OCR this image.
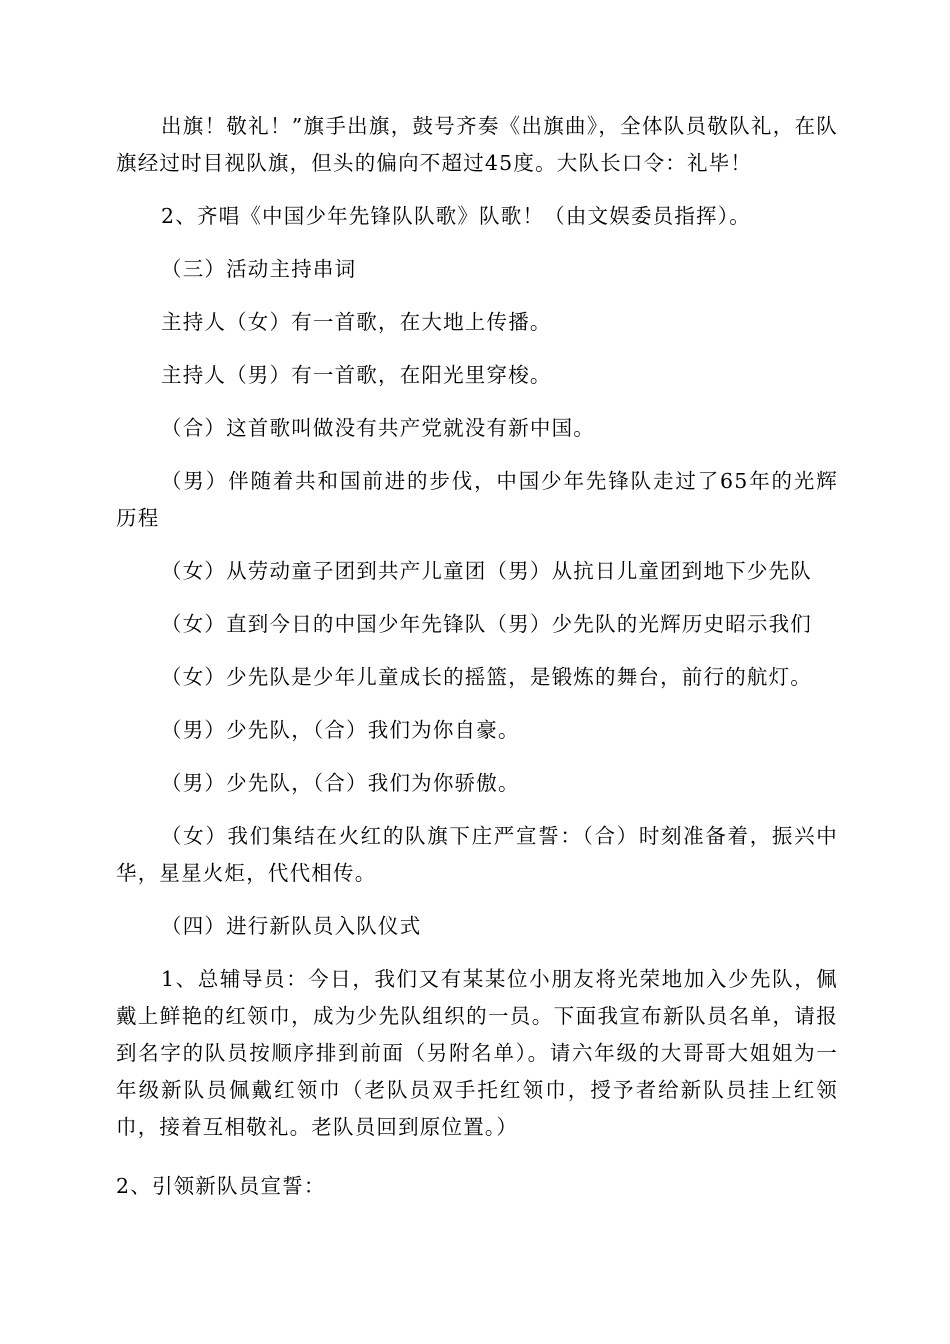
出旗！敬礼！”旗手出旗，鼓号齐奏《出旗曲》，全体队员敬队礼，在队旗经过时目视队旗，但头的偏向不超过45度。大队长口令：礼毕！

2、齐唱《中国少年先锋队队歌》队歌！（由文娱委员指挥）。

（三）活动主持串词

主持人（女）有一首歌，在大地上传播。

主持人（男）有一首歌，在阳光里穿梭。

（合）这首歌叫做没有共产党就没有新中国。

（男）伴随着共和国前进的步伐，中国少年先锋队走过了65年的光辉历程

（女）从劳动童子团到共产儿童团（男）从抗日儿童团到地下少先队

（女）直到今日的中国少年先锋队（男）少先队的光辉历史昭示我们

（女）少先队是少年儿童成长的摇篮，是锻炼的舞台，前行的航灯。

（男）少先队，（合）我们为你自豪。

（男）少先队，（合）我们为你骄傲。

（女）我们集结在火红的队旗下庄严宣誓：（合）时刻准备着，振兴中华，星星火炬，代代相传。

（四）进行新队员入队仪式

1、总辅导员：今日，我们又有某某位小朋友将光荣地加入少先队，佩戴上鲜艳的红领巾，成为少先队组织的一员。下面我宣布新队员名单，请报到名字的队员按顺序排到前面（另附名单）。请六年级的大哥哥大姐姐为一年级新队员佩戴红领巾（老队员双手托红领巾，授予者给新队员挂上红领巾，接着互相敬礼。老队员回到原位置。）

2、引领新队员宣誓：
